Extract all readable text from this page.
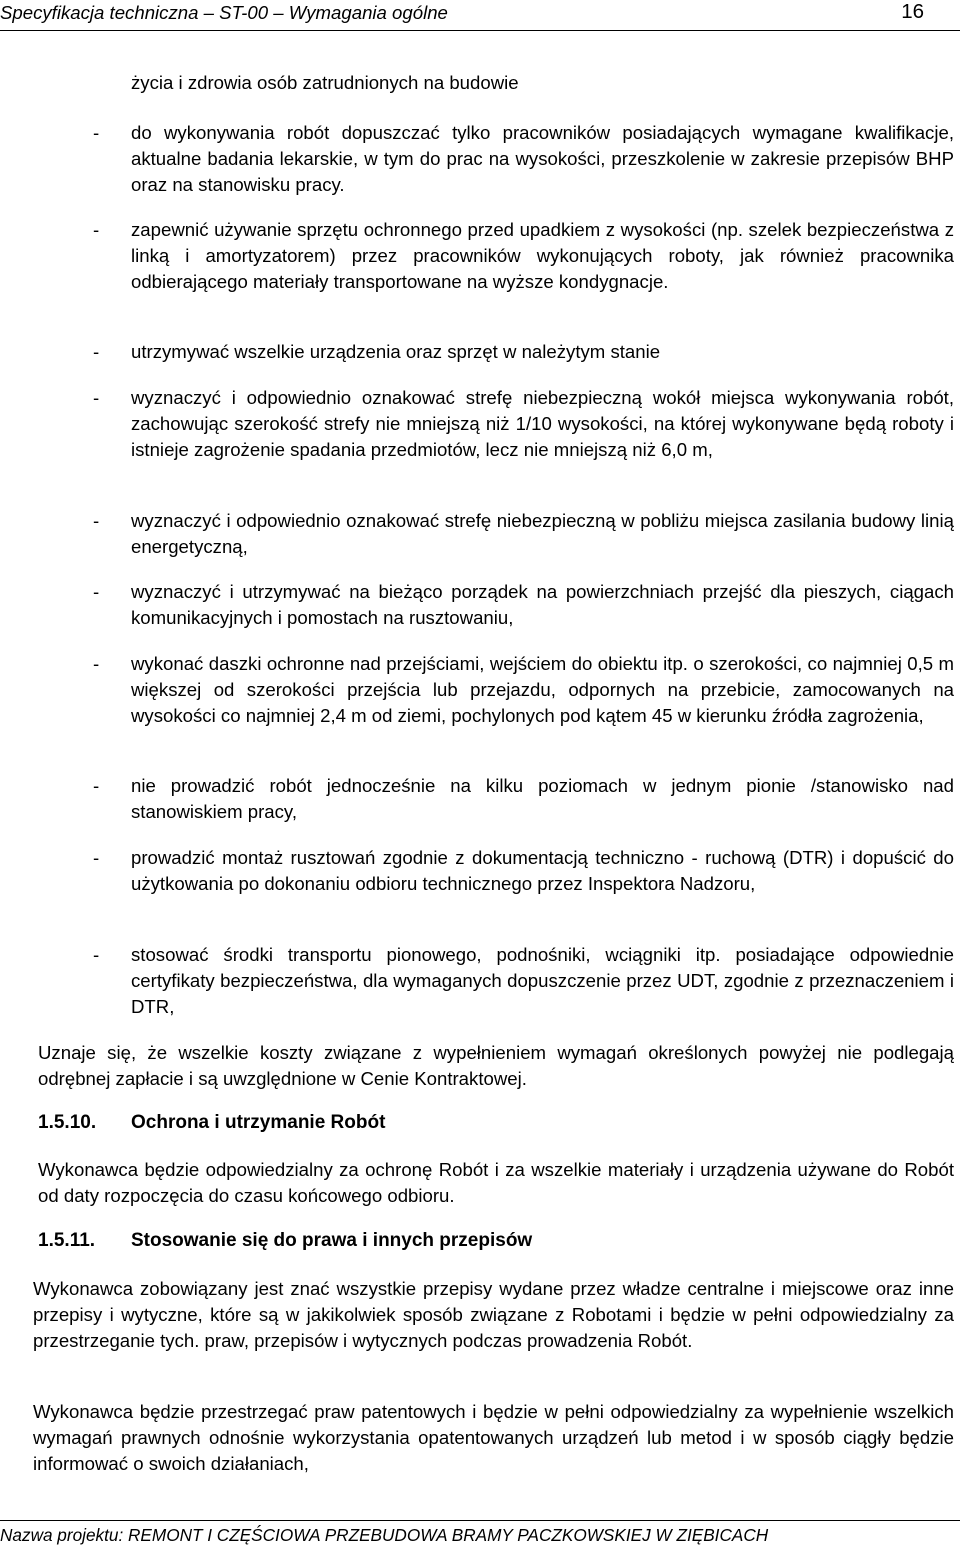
Specyfikacja techniczna – ST-00 – Wymagania ogólne	16

życia i zdrowia osób zatrudnionych na budowie

- do wykonywania robót dopuszczać tylko pracowników posiadających wymagane kwalifikacje, aktualne badania lekarskie, w tym do prac na wysokości, przeszkolenie w zakresie przepisów BHP oraz na stanowisku pracy.
- zapewnić używanie sprzętu ochronnego przed upadkiem z wysokości (np. szelek bezpieczeństwa z linką i amortyzatorem) przez pracowników wykonujących roboty, jak również pracownika odbierającego materiały transportowane na wyższe kondygnacje.
- utrzymywać wszelkie urządzenia oraz sprzęt w należytym stanie
- wyznaczyć i odpowiednio oznakować strefę niebezpieczną wokół miejsca wykonywania robót, zachowując szerokość strefy nie mniejszą niż 1/10 wysokości, na której wykonywane będą roboty i istnieje zagrożenie spadania przedmiotów, lecz nie mniejszą niż 6,0 m,
- wyznaczyć i odpowiednio oznakować strefę niebezpieczną w pobliżu miejsca zasilania budowy linią energetyczną,
- wyznaczyć i utrzymywać na bieżąco porządek na powierzchniach przejść dla pieszych, ciągach komunikacyjnych i pomostach na rusztowaniu,
- wykonać daszki ochronne nad przejściami, wejściem do obiektu itp. o szerokości, co najmniej 0,5 m większej od szerokości przejścia lub przejazdu, odpornych na przebicie, zamocowanych na wysokości co najmniej 2,4 m od ziemi, pochylonych pod kątem 45 w kierunku źródła zagrożenia,
- nie prowadzić robót jednocześnie na kilku poziomach w jednym pionie /stanowisko nad stanowiskiem pracy,
- prowadzić montaż rusztowań zgodnie z dokumentacją techniczno - ruchową (DTR) i dopuścić do użytkowania po dokonaniu odbioru technicznego przez Inspektora Nadzoru,
- stosować środki transportu pionowego, podnośniki, wciągniki itp. posiadające odpowiednie certyfikaty bezpieczeństwa, dla wymaganych dopuszczenie przez UDT, zgodnie z przeznaczeniem i DTR,

Uznaje się, że wszelkie koszty związane z wypełnieniem wymagań określonych powyżej nie podlegają odrębnej zapłacie i są uwzględnione w Cenie Kontraktowej.

1.5.10. Ochrona i utrzymanie Robót

Wykonawca będzie odpowiedzialny za ochronę Robót i za wszelkie materiały i urządzenia używane do Robót od daty rozpoczęcia do czasu końcowego odbioru.

1.5.11. Stosowanie się do prawa i innych przepisów

Wykonawca zobowiązany jest znać wszystkie przepisy wydane przez władze centralne i miejscowe oraz inne przepisy i wytyczne, które są w jakikolwiek sposób związane z Robotami i będzie w pełni odpowiedzialny za przestrzeganie tych. praw, przepisów i wytycznych podczas prowadzenia Robót.

Wykonawca będzie przestrzegać praw patentowych i będzie w pełni odpowiedzialny za wypełnienie wszelkich wymagań prawnych odnośnie wykorzystania opatentowanych urządzeń lub metod i w sposób ciągły będzie informować o swoich działaniach,

Nazwa projektu: REMONT I CZĘŚCIOWA PRZEBUDOWA BRAMY PACZKOWSKIEJ W ZIĘBICACH
